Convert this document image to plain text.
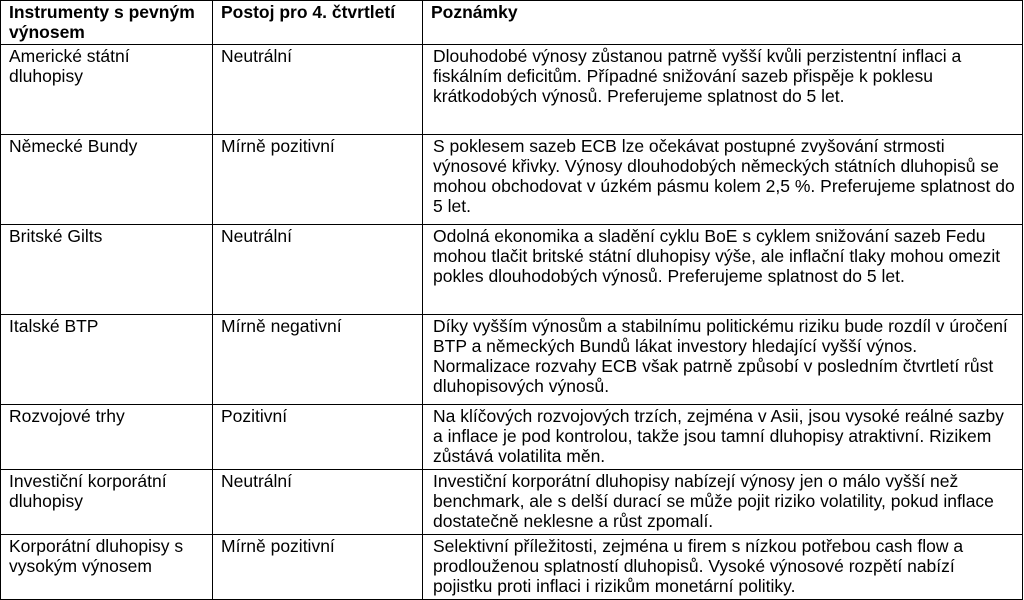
Instrumenty s pevným výnosem	Postoj pro 4. čtvrtletí	Poznámky
Americké státní dluhopisy	Neutrální	Dlouhodobé výnosy zůstanou patrně vyšší kvůli perzistentní inflaci a fiskálním deficitům. Případné snižování sazeb přispěje k poklesu krátkodobých výnosů. Preferujeme splatnost do 5 let.
Německé Bundy	Mírně pozitivní	S poklesem sazeb ECB lze očekávat postupné zvyšování strmosti výnosové křivky. Výnosy dlouhodobých německých státních dluhopisů se mohou obchodovat v úzkém pásmu kolem 2,5 %. Preferujeme splatnost do 5 let.
Britské Gilts	Neutrální	Odolná ekonomika a sladění cyklu BoE s cyklem snižování sazeb Fedu mohou tlačit britské státní dluhopisy výše, ale inflační tlaky mohou omezit pokles dlouhodobých výnosů. Preferujeme splatnost do 5 let.
Italské BTP	Mírně negativní	Díky vyšším výnosům a stabilnímu politickému riziku bude rozdíl v úročení BTP a německých Bundů lákat investory hledající vyšší výnos. Normalizace rozvahy ECB však patrně způsobí v posledním čtvrtletí růst dluhopisových výnosů.
Rozvojové trhy	Pozitivní	Na klíčových rozvojových trzích, zejména v Asii, jsou vysoké reálné sazby a inflace je pod kontrolou, takže jsou tamní dluhopisy atraktivní. Rizikem zůstává volatilita měn.
Investiční korporátní dluhopisy	Neutrální	Investiční korporátní dluhopisy nabízejí výnosy jen o málo vyšší než benchmark, ale s delší durací se může pojit riziko volatility, pokud inflace dostatečně neklesne a růst zpomalí.
Korporátní dluhopisy s vysokým výnosem	Mírně pozitivní	Selektivní příležitosti, zejména u firem s nízkou potřebou cash flow a prodlouženou splatností dluhopisů. Vysoké výnosové rozpětí nabízí pojistku proti inflaci i rizikům monetární politiky.
